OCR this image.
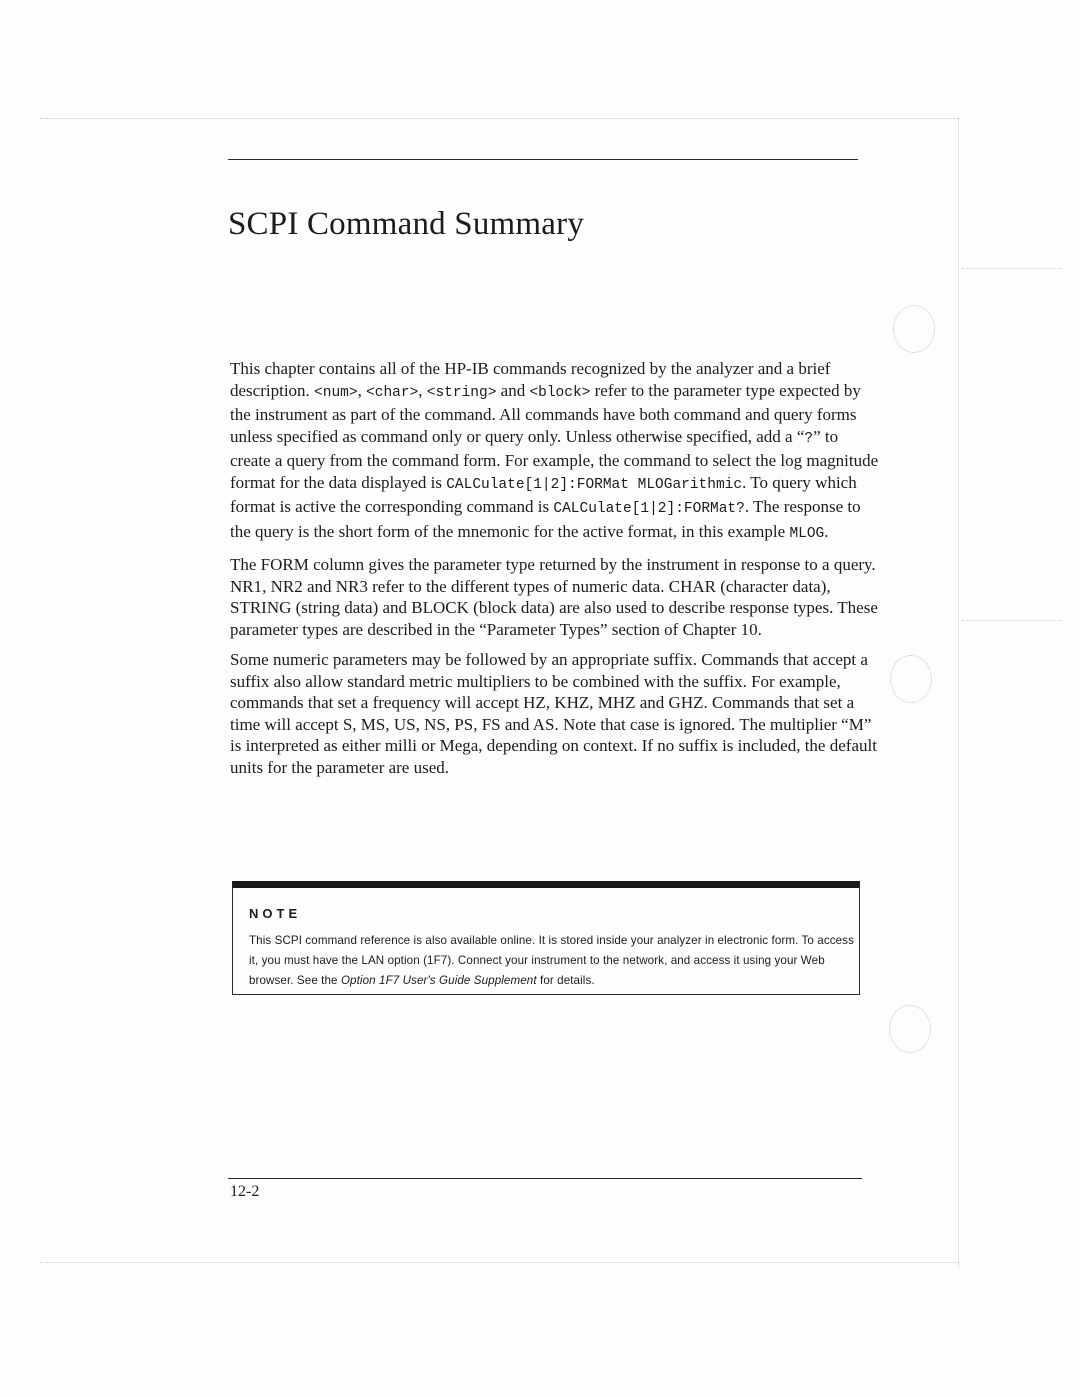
SCPI Command Summary

This chapter contains all of the HP-IB commands recognized by the analyzer and a brief description. <num>, <char>, <string> and <block> refer to the parameter type expected by the instrument as part of the command. All commands have both command and query forms unless specified as command only or query only. Unless otherwise specified, add a “?” to create a query from the command form. For example, the command to select the log magnitude format for the data displayed is CALCulate[1|2]:FORMat MLOGarithmic. To query which format is active the corresponding command is CALCulate[1|2]:FORMat?. The response to the query is the short form of the mnemonic for the active format, in this example MLOG.

The FORM column gives the parameter type returned by the instrument in response to a query. NR1, NR2 and NR3 refer to the different types of numeric data. CHAR (character data), STRING (string data) and BLOCK (block data) are also used to describe response types. These parameter types are described in the “Parameter Types” section of Chapter 10.

Some numeric parameters may be followed by an appropriate suffix. Commands that accept a suffix also allow standard metric multipliers to be combined with the suffix. For example, commands that set a frequency will accept HZ, KHZ, MHZ and GHZ. Commands that set a time will accept S, MS, US, NS, PS, FS and AS. Note that case is ignored. The multiplier “M” is interpreted as either milli or Mega, depending on context. If no suffix is included, the default units for the parameter are used.

NOTE
This SCPI command reference is also available online. It is stored inside your analyzer in electronic form. To access it, you must have the LAN option (1F7). Connect your instrument to the network, and access it using your Web browser. See the Option 1F7 User's Guide Supplement for details.
12-2
